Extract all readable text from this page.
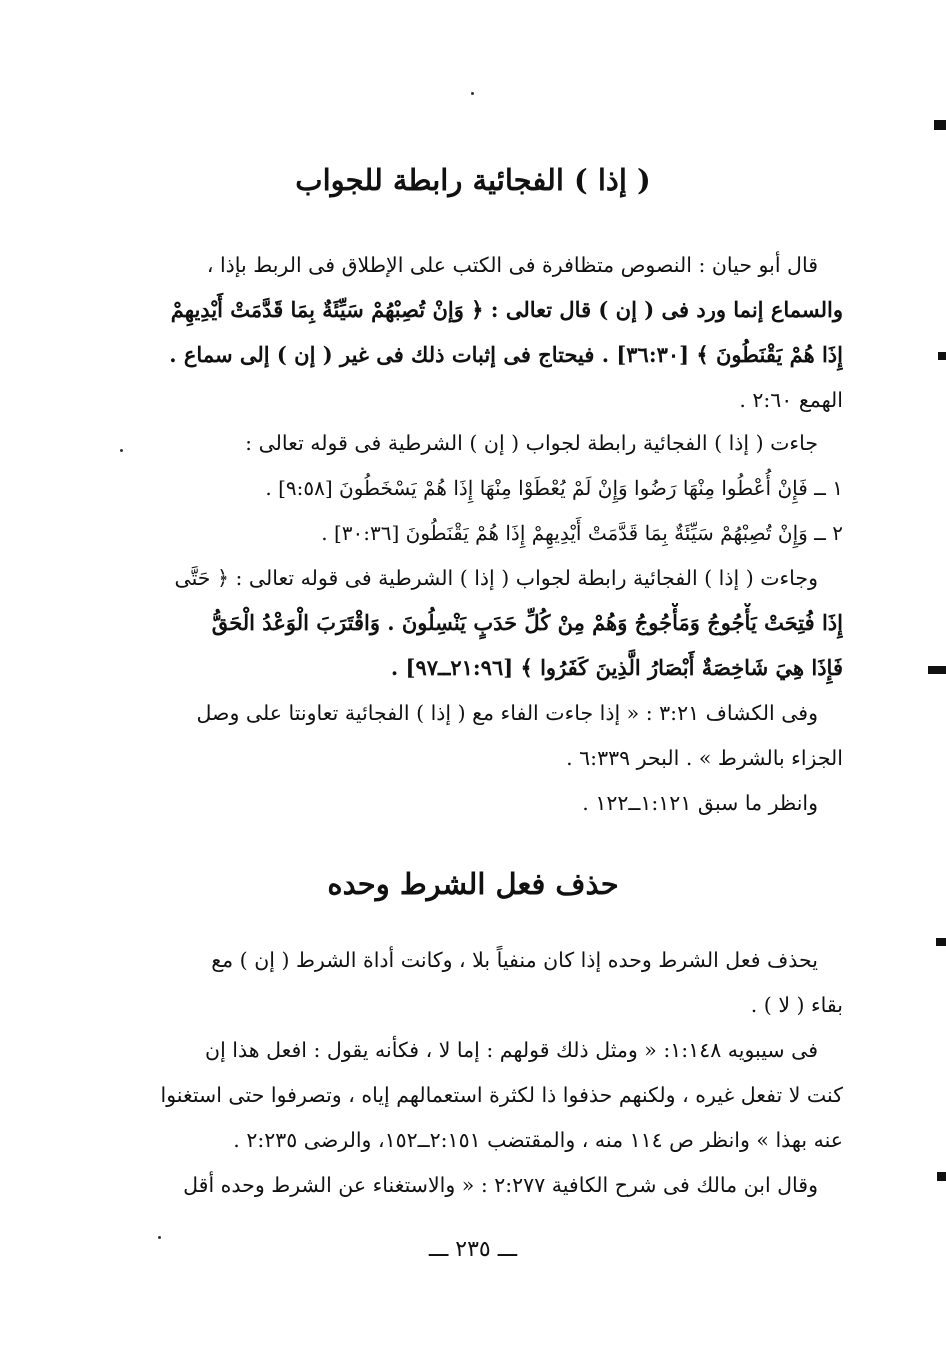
( إذا ) الفجائية رابطة للجواب
قال أبو حيان : النصوص متظافرة فى الكتب على الإطلاق فى الربط بإذا ،
والسماع إنما ورد فى ( إن ) قال تعالى : ﴿ وَإنْ تُصِبْهُمْ سَيِّئَةٌ بِمَا قَدَّمَتْ أَيْدِيهِمْ
إِذَا هُمْ يَقْنَطُونَ ﴾ [٣٦:٣٠] . فيحتاج فى إثبات ذلك فى غير ( إن ) إلى سماع .
الهمع ٢:٦٠ .
جاءت ( إذا ) الفجائية رابطة لجواب ( إن ) الشرطية فى قوله تعالى :
١ ــ فَإِنْ أُعْطُوا مِنْهَا رَضُوا وَإِنْ لَمْ يُعْطَوْا مِنْهَا إِذَا هُمْ يَسْخَطُونَ [٩:٥٨] .
٢ ــ وَإِنْ تُصِبْهُمْ سَيِّئَةٌ بِمَا قَدَّمَتْ أَيْدِيهِمْ إِذَا هُمْ يَقْنَطُونَ [٣٠:٣٦] .
وجاءت ( إذا ) الفجائية رابطة لجواب ( إذا ) الشرطية فى قوله تعالى : ﴿ حَتَّى
إِذَا فُتِحَتْ يَأْجُوجُ وَمَأْجُوجُ وَهُمْ مِنْ كُلِّ حَدَبٍ يَنْسِلُونَ . وَاقْتَرَبَ الْوَعْدُ الْحَقُّ
فَإِذَا هِيَ شَاخِصَةٌ أَبْصَارُ الَّذِينَ كَفَرُوا ﴾ [٢١:٩٦ــ٩٧] .
وفى الكشاف ٣:٢١ : « إذا جاءت الفاء مع ( إذا ) الفجائية تعاونتا على وصل
الجزاء بالشرط » . البحر ٦:٣٣٩ .
وانظر ما سبق ١:١٢١ــ١٢٢ .
حذف فعل الشرط وحده
يحذف فعل الشرط وحده إذا كان منفياً بلا ، وكانت أداة الشرط ( إن ) مع
بقاء ( لا ) .
فى سيبويه ١:١٤٨: « ومثل ذلك قولهم : إما لا ، فكأنه يقول : افعل هذا إن
كنت لا تفعل غيره ، ولكنهم حذفوا ذا لكثرة استعمالهم إياه ، وتصرفوا حتى استغنوا
عنه بهذا » وانظر ص ١١٤ منه ، والمقتضب ٢:١٥١ــ١٥٢، والرضى ٢:٢٣٥ .
وقال ابن مالك فى شرح الكافية ٢:٢٧٧ : « والاستغناء عن الشرط وحده أقل
ـــ ٢٣٥ ـــ
